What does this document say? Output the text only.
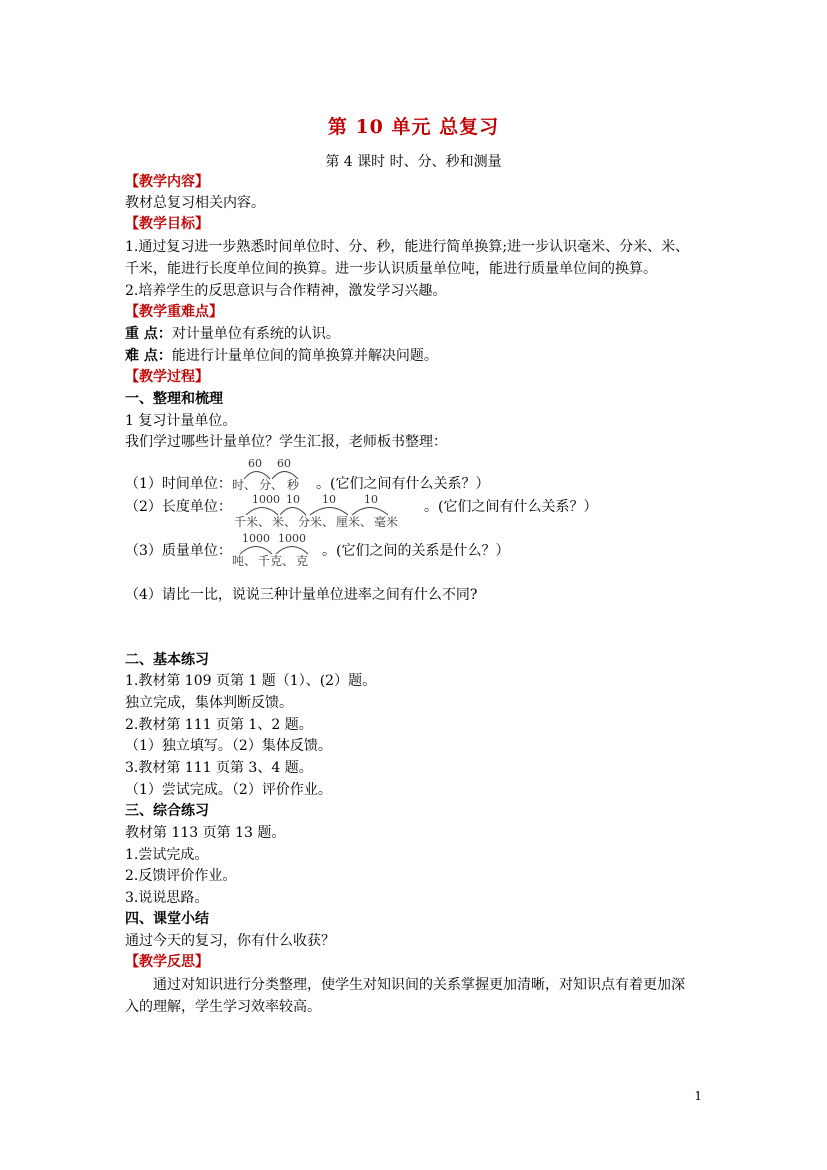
第 10 单元 总复习
第 4 课时 时、分、秒和测量
【教学内容】
教材总复习相关内容。
【教学目标】
1.通过复习进一步熟悉时间单位时、分、秒，能进行简单换算;进一步认识毫米、分米、米、
千米，能进行长度单位间的换算。进一步认识质量单位吨，能进行质量单位间的换算。
2.培养学生的反思意识与合作精神，激发学习兴趣。
【教学重难点】
重 点：对计量单位有系统的认识。
难 点：能进行计量单位间的简单换算并解决问题。
【教学过程】
一、整理和梳理
1 复习计量单位。
我们学过哪些计量单位？学生汇报，老师板书整理：
（1）时间单位：
60 60
时 、 分 、 秒 。(它们之间有什么关系？）
（2）长度单位： 1000 10 10	10
千米 、 米 、 分米 、 厘米 、 毫米
。(它们之间有什么关系？）
（3）质量单位：
1000 1000
吨 、 千克 、 克
。(它们之间的关系是什么？）
（4）请比一比，说说三种计量单位进率之间有什么不同?
二、基本练习
1.教材第 109 页第 1 题（1）、(2）题。
独立完成，集体判断反馈。
2.教材第 111 页第 1、2 题。
（1）独立填写。（2）集体反馈。
3.教材第 111 页第 3、4 题。
（1）尝试完成。（2）评价作业。
三、综合练习
教材第 113 页第 13 题。
1.尝试完成。
2.反馈评价作业。
3.说说思路。
四、课堂小结
通过今天的复习，你有什么收获？
【教学反思】
通过对知识进行分类整理，使学生对知识间的关系掌握更加清晰，对知识点有着更加深
入的理解，学生学习效率较高。
1
